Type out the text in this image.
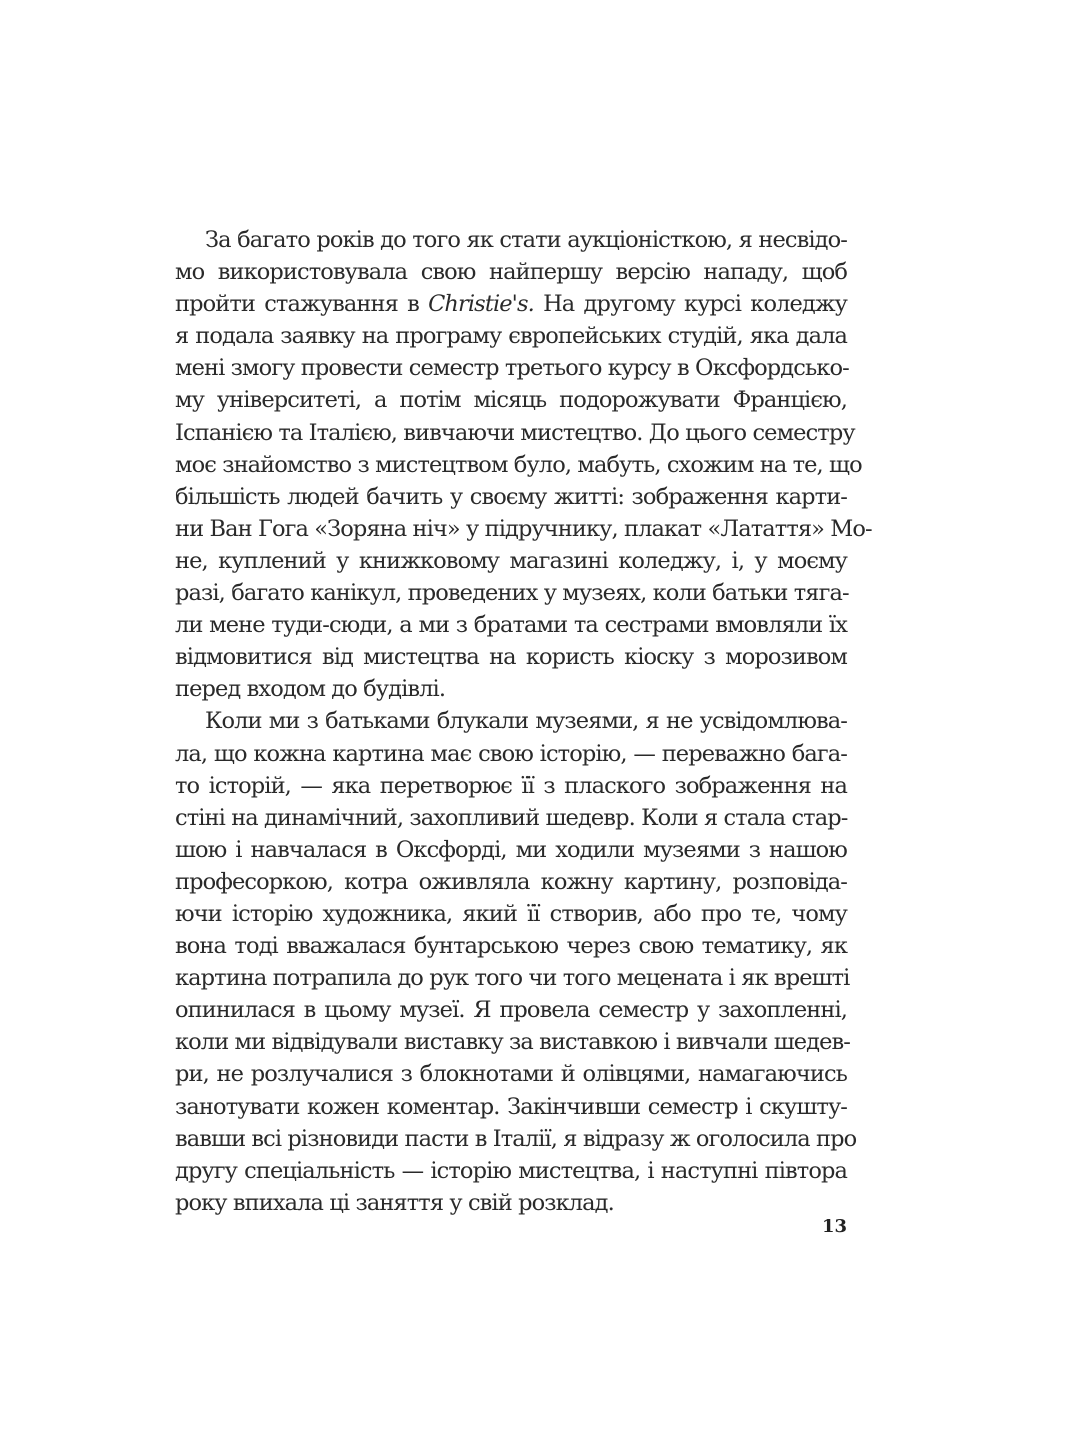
За багато років до того як стати аукціоністкою, я несвідо-
мо використовувала свою найпершу версію нападу, щоб
пройти стажування в Christie's. На другому курсі коледжу
я подала заявку на програму європейських студій, яка дала
мені змогу провести семестр третього курсу в Оксфордсько-
му університеті, а потім місяць подорожувати Францією,
Іспанією та Італією, вивчаючи мистецтво. До цього семестру
моє знайомство з мистецтвом було, мабуть, схожим на те, що
більшість людей бачить у своєму житті: зображення карти-
ни Ван Гога «Зоряна ніч» у підручнику, плакат «Латаття» Мо-
не, куплений у книжковому магазині коледжу, і, у моєму
разі, багато канікул, проведених у музеях, коли батьки тяга-
ли мене туди-сюди, а ми з братами та сестрами вмовляли їх
відмовитися від мистецтва на користь кіоску з морозивом
перед входом до будівлі.
Коли ми з батьками блукали музеями, я не усвідомлюва-
ла, що кожна картина має свою історію, — переважно бага-
то історій, — яка перетворює її з плаского зображення на
стіні на динамічний, захопливий шедевр. Коли я стала стар-
шою і навчалася в Оксфорді, ми ходили музеями з нашою
професоркою, котра оживляла кожну картину, розповіда-
ючи історію художника, який її створив, або про те, чому
вона тоді вважалася бунтарською через свою тематику, як
картина потрапила до рук того чи того мецената і як врешті
опинилася в цьому музеї. Я провела семестр у захопленні,
коли ми відвідували виставку за виставкою і вивчали шедев-
ри, не розлучалися з блокнотами й олівцями, намагаючись
занотувати кожен коментар. Закінчивши семестр і скушту-
вавши всі різновиди пасти в Італії, я відразу ж оголосила про
другу спеціальність — історію мистецтва, і наступні півтора
року впихала ці заняття у свій розклад.
13
